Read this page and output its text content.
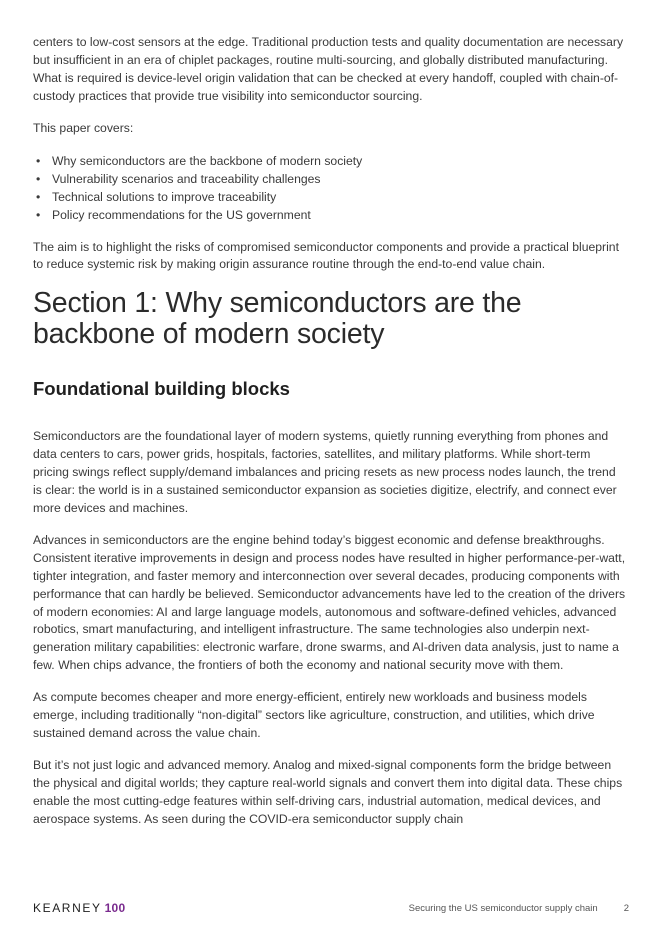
centers to low-cost sensors at the edge. Traditional production tests and quality documentation are necessary but insufficient in an era of chiplet packages, routine multi-sourcing, and globally distributed manufacturing. What is required is device-level origin validation that can be checked at every handoff, coupled with chain-of-custody practices that provide true visibility into semiconductor sourcing.

This paper covers:

• Why semiconductors are the backbone of modern society
• Vulnerability scenarios and traceability challenges
• Technical solutions to improve traceability
• Policy recommendations for the US government

The aim is to highlight the risks of compromised semiconductor components and provide a practical blueprint to reduce systemic risk by making origin assurance routine through the end-to-end value chain.

Section 1: Why semiconductors are the backbone of modern society
Foundational building blocks

Semiconductors are the foundational layer of modern systems, quietly running everything from phones and data centers to cars, power grids, hospitals, factories, satellites, and military platforms. While short-term pricing swings reflect supply/demand imbalances and pricing resets as new process nodes launch, the trend is clear: the world is in a sustained semiconductor expansion as societies digitize, electrify, and connect ever more devices and machines.

Advances in semiconductors are the engine behind today’s biggest economic and defense breakthroughs. Consistent iterative improvements in design and process nodes have resulted in higher performance-per-watt, tighter integration, and faster memory and interconnection over several decades, producing components with performance that can hardly be believed. Semiconductor advancements have led to the creation of the drivers of modern economies: AI and large language models, autonomous and software-defined vehicles, advanced robotics, smart manufacturing, and intelligent infrastructure. The same technologies also underpin next-generation military capabilities: electronic warfare, drone swarms, and AI-driven data analysis, just to name a few. When chips advance, the frontiers of both the economy and national security move with them.

As compute becomes cheaper and more energy-efficient, entirely new workloads and business models emerge, including traditionally “non-digital” sectors like agriculture, construction, and utilities, which drive sustained demand across the value chain.

But it’s not just logic and advanced memory. Analog and mixed-signal components form the bridge between the physical and digital worlds; they capture real-world signals and convert them into digital data. These chips enable the most cutting-edge features within self-driving cars, industrial automation, medical devices, and aerospace systems. As seen during the COVID-era semiconductor supply chain

KEARNEY 100	Securing the US semiconductor supply chain	2
